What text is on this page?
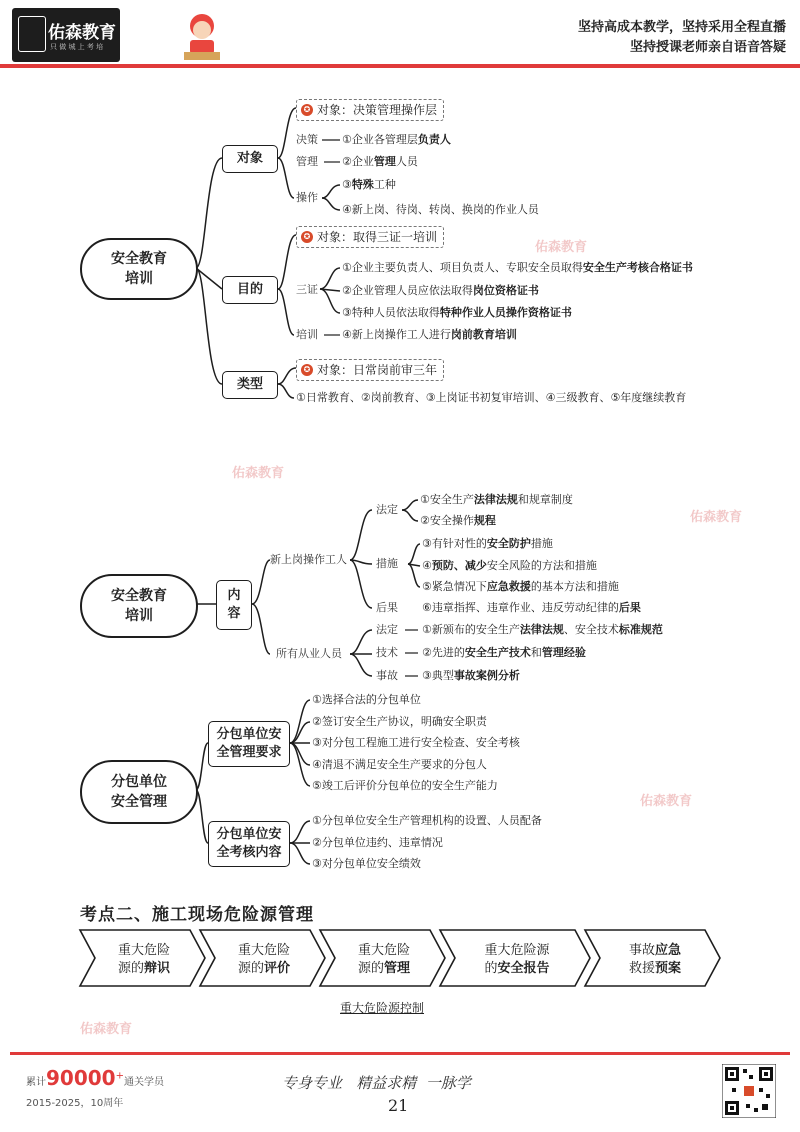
佑森教育
只 做 城 上 考 培
坚持高成本教学，坚持采用全程直播
坚持授课老师亲自语音答疑
佑森教育
佑森教育
佑森教育
佑森教育
佑森教育
安全教育
培训
对象
✪ 对象：决策管理操作层
决策 ①企业各管理层负责人
管理 ②企业管理人员
操作
③特殊工种
④新上岗、待岗、转岗、换岗的作业人员
目的
✪ 对象：取得三证一培训
三证
①企业主要负责人、项目负责人、专职安全员取得安全生产考核合格证书
②企业管理人员应依法取得岗位资格证书
③特种人员依法取得特种作业人员操作资格证书
培训 ④新上岗操作工人进行岗前教育培训
类型
✪ 对象：日常岗前审三年
①日常教育、②岗前教育、③上岗证书初复审培训、④三级教育、⑤年度继续教育
安全教育
培训
内
容
新上岗操作工人
法定
①安全生产法律法规和规章制度
②安全操作规程
措施
③有针对性的安全防护措施
④预防、减少安全风险的方法和措施
⑤紧急情况下应急救援的基本方法和措施
后果 ⑥违章指挥、违章作业、违反劳动纪律的后果
所有从业人员
法定 ①新颁布的安全生产法律法规、安全技术标准规范
技术 ②先进的安全生产技术和管理经验
事故 ③典型事故案例分析
分包单位
安全管理
分包单位安
全管理要求
分包单位安
全考核内容
①选择合法的分包单位
②签订安全生产协议，明确安全职责
③对分包工程施工进行安全检查、安全考核
④清退不满足安全生产要求的分包人
⑤竣工后评价分包单位的安全生产能力
①分包单位安全生产管理机构的设置、人员配备
②分包单位违约、违章情况
③对分包单位安全绩效
考点二、施工现场危险源管理
重大危险
源的辩识
重大危险
源的评价
重大危险
源的管理
重大危险源
的安全报告
事故应急
救援预案
重大危险源控制
累计90000+通关学员
2015-2025，10周年
专身专业   精益求精  一脉学
21
